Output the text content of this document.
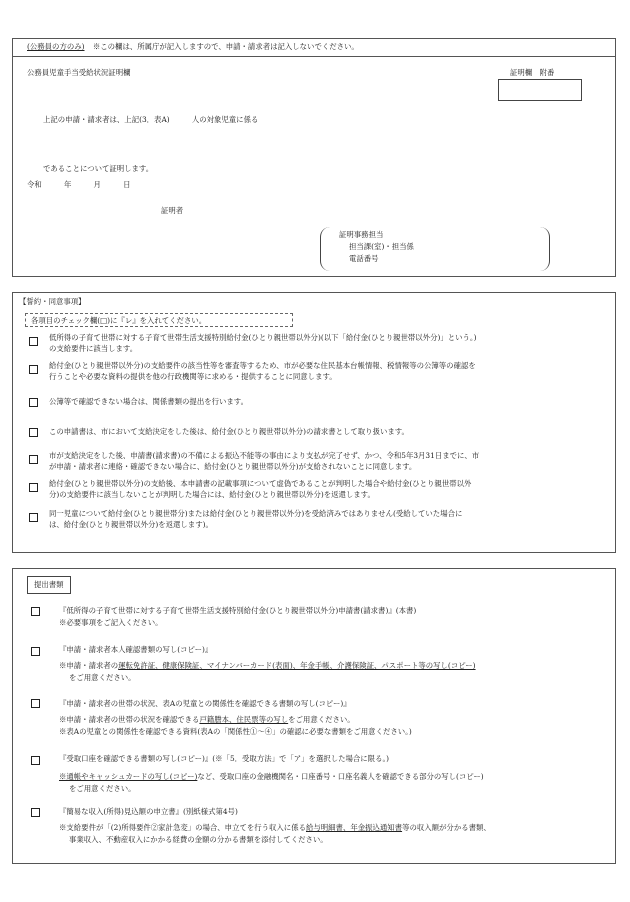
(公務員の方のみ) ※この欄は、所属庁が記入しますので、申請・請求者は記入しないでください。
公務員児童手当受給状況証明欄	証明欄　附番
上記の申請・請求者は、上記(3．表A)　　　人の対象児童に係る
であることについて証明します。
令和　　　年　　　月　　　日
証明者
証明事務担当
担当課(室)・担当係
電話番号
【誓約・同意事項】
各項目のチェック欄(□)に『レ』を入れてください。
低所得の子育て世帯に対する子育て世帯生活支援特別給付金(ひとり親世帯以外分)(以下「給付金(ひとり親世帯以外分)」という。)
の支給要件に該当します。
給付金(ひとり親世帯以外分)の支給要件の該当性等を審査等するため、市が必要な住民基本台帳情報、税情報等の公簿等の確認を
行うことや必要な資料の提供を他の行政機関等に求める・提供することに同意します。
公簿等で確認できない場合は、関係書類の提出を行います。
この申請書は、市において支給決定をした後は、給付金(ひとり親世帯以外分)の請求書として取り扱います。
市が支給決定をした後、申請書(請求書)の不備による振込不能等の事由により支払が完了せず、かつ、令和5年3月31日までに、市
が申請・請求者に連絡・確認できない場合に、給付金(ひとり親世帯以外分)が支給されないことに同意します。
給付金(ひとり親世帯以外分)の支給後、本申請書の記載事項について虚偽であることが判明した場合や給付金(ひとり親世帯以外
分)の支給要件に該当しないことが判明した場合には、給付金(ひとり親世帯以外分)を返還します。
同一児童について給付金(ひとり親世帯分)または給付金(ひとり親世帯以外分)を受給済みではありません(受給していた場合に
は、給付金(ひとり親世帯以外分)を返還します)。
提出書類
『低所得の子育て世帯に対する子育て世帯生活支援特別給付金(ひとり親世帯以外分)申請書(請求書)』(本書)
※必要事項をご記入ください。
『申請・請求者本人確認書類の写し(コピー)』
※申請・請求者の運転免許証、健康保険証、マイナンバーカード(表面)、年金手帳、介護保険証、パスポート等の写し(コピー)
をご用意ください。
『申請・請求者の世帯の状況、表Aの児童との関係性を確認できる書類の写し(コピー)』
※申請・請求者の世帯の状況を確認できる戸籍謄本、住民票等の写しをご用意ください。
※表Aの児童との関係性を確認できる資料(表Aの「関係性①～④」の確認に必要な書類をご用意ください。)
『受取口座を確認できる書類の写し(コピー)』(※「5．受取方法」で「ア」を選択した場合に限る。)
※通帳やキャッシュカードの写し(コピー)など、受取口座の金融機関名・口座番号・口座名義人を確認できる部分の写し(コピー)
をご用意ください。
『簡易な収入(所得)見込額の申立書』(別紙様式第4号)
※支給要件が「(2)所得要件②家計急変」の場合、申立てを行う収入に係る給与明細書、年金振込通知書等の収入額が分かる書類、
事業収入、不動産収入にかかる経費の金額の分かる書類を添付してください。
